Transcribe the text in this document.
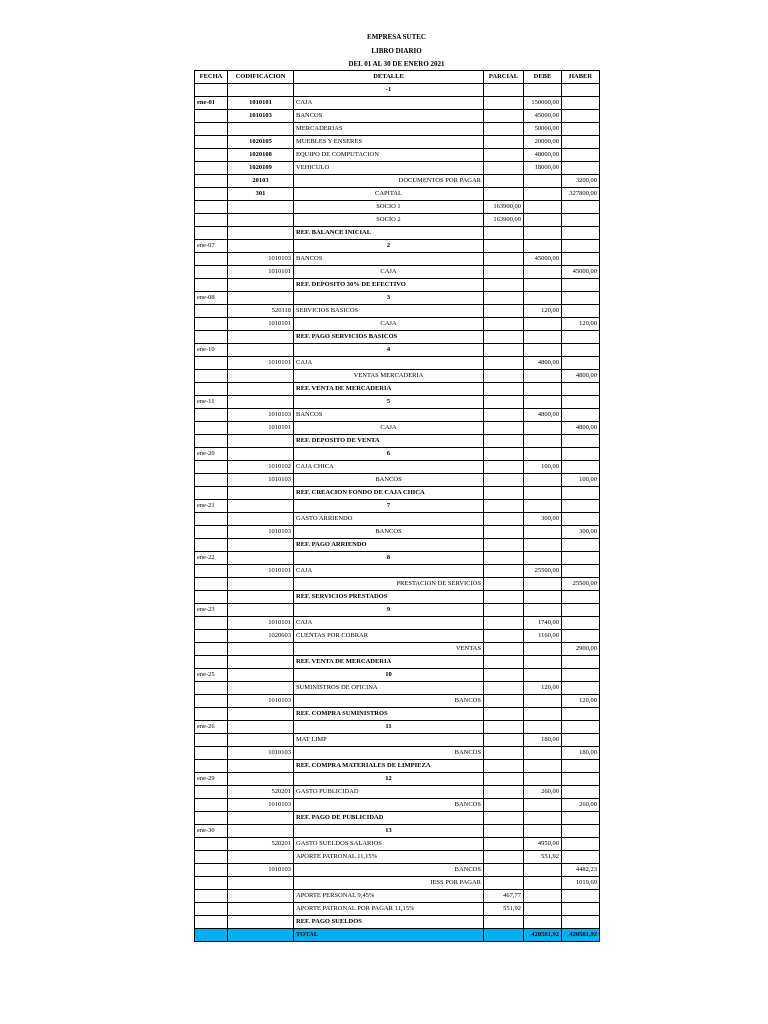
EMPRESA SUTEC
LIBRO DIARIO
DEL 01 AL 30 DE ENERO 2021
FECHA	CODIFICACION	DETALLE	PARCIAL	DEBE	HABER
		-1			
ene-01	1010101	CAJA		150000,00	
	1010103	BANCOS		45000,00	
		MERCADERIAS		50000,00	
	1020105	MUEBLES Y ENSERES		20000,00	
	1020108	EQUIPO DE COMPUTACION		48000,00	
	1020109	VEHICULO		18000,00	
	20103	DOCUMENTOS POR PAGAR			3200,00
	301	CAPITAL			327800,00
		SOCIO 1	163900,00		
		SOCIO 2	163900,00		
		REF. BALANCE INICIAL			
ene-07		2			
	1010103	BANCOS		45000,00	
	1010101	CAJA			45000,00
		REF. DEPOSITO 30% DE EFECTIVO			
ene-08		3			
	520118	SERVICIOS BASICOS		120,00	
	1010101	CAJA			120,00
		REF. PAGO SERVICIOS BASICOS			
ene-10		4			
	1010101	CAJA		4800,00	
		VENTAS MERCADERIA			4800,00
		REF. VENTA DE MERCADERIA			
ene-11		5			
	1010103	BANCOS		4800,00	
	1010101	CAJA			4800,00
		REF. DEPOSITO DE VENTA			
ene-20		6			
	1010102	CAJA CHICA		100,00	
	1010103	BANCOS			100,00
		REF. CREACION FONDO DE CAJA CHICA			
ene-21		7			
		GASTO ARRIENDO		300,00	
	1010103	BANCOS			300,00
		REF. PAGO ARRIENDO			
ene-22		8			
	1010101	CAJA		25500,00	
		PRESTACION DE SERVICIOS			25500,00
		REF. SERVICIOS PRESTADOS			
ene-23		9			
	1010101	CAJA		1740,00	
	1020603	CUENTAS POR COBRAR		1160,00	
		VENTAS			2900,00
		REF. VENTA DE MERCADERIA			
ene-25		10			
		SUMINISTROS DE OFICINA		120,00	
	1010103	BANCOS			120,00
		REF. COMPRA SUMINISTROS			
ene-26		11			
		MAT LIMP		180,00	
	1010103	BANCOS			180,00
		REF. COMPRA MATERIALES DE LIMPIEZA			
ene-29		12			
	520201	GASTO PUBLICIDAD		260,00	
	1010103	BANCOS			260,00
		REF. PAGO DE PUBLICIDAD			
ene-30		13			
	520201	GASTO SUELDOS SALARIOS		4950,00	
		APORTE PATRONAL 11,15%		551,92	
	1010103	BANCOS			4482,23
		IESS POR PAGAR			1019,69
		APORTE PERSONAL 9,45%	467,77		
		APORTE PATRONAL POR PAGAR 11,15%	551,92		
		REF. PAGO SUELDOS			
		TOTAL		420581,92	420581,92
